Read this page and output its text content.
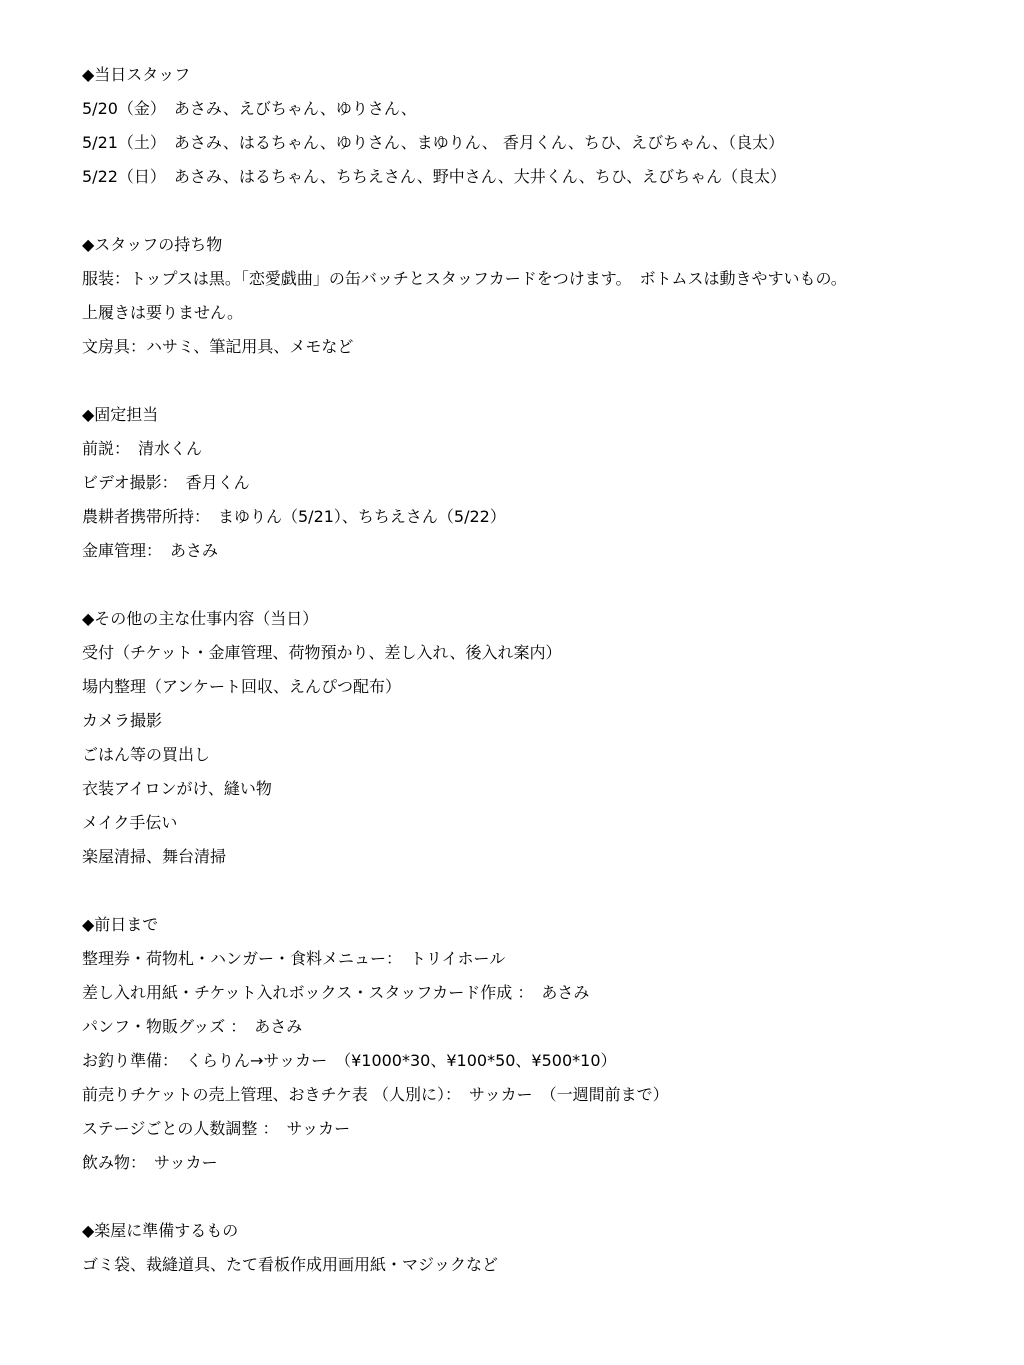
◆当日スタッフ
5/20（金）　あさみ、えびちゃん、ゆりさん、
5/21（土）　あさみ、はるちゃん、ゆりさん、まゆりん、 香月くん、ちひ、えびちゃん、（良太）
5/22（日）　あさみ、はるちゃん、ちちえさん、野中さん、大井くん、ちひ、えびちゃん（良太）
◆スタッフの持ち物
服装：トップスは黒。「恋愛戯曲」の缶バッチとスタッフカードをつけます。　ボトムスは動きやすいもの。
上履きは要りません。
文房具：ハサミ、筆記用具、メモなど
◆固定担当
前説：　清水くん
ビデオ撮影：　香月くん
農耕者携帯所持：　まゆりん（5/21）、ちちえさん（5/22）
金庫管理：　あさみ
◆その他の主な仕事内容（当日）
受付（チケット・金庫管理、荷物預かり、差し入れ、後入れ案内）
場内整理（アンケート回収、えんぴつ配布）
カメラ撮影
ごはん等の買出し
衣装アイロンがけ、縫い物
メイク手伝い
楽屋清掃、舞台清掃
◆前日まで
整理券・荷物札・ハンガー・食料メニュー：　トリイホール
差し入れ用紙・チケット入れボックス・スタッフカード作成 ：　あさみ
パンフ・物販グッズ ：　あさみ
お釣り準備：　くらりん→サッカー　（¥1000*30、¥100*50、¥500*10）
前売りチケットの売上管理、おきチケ表 （人別に）：　サッカー　（一週間前まで）
ステージごとの人数調整 ：　サッカー
飲み物：　サッカー
◆楽屋に準備するもの
ゴミ袋、裁縫道具、たて看板作成用画用紙・マジックなど
